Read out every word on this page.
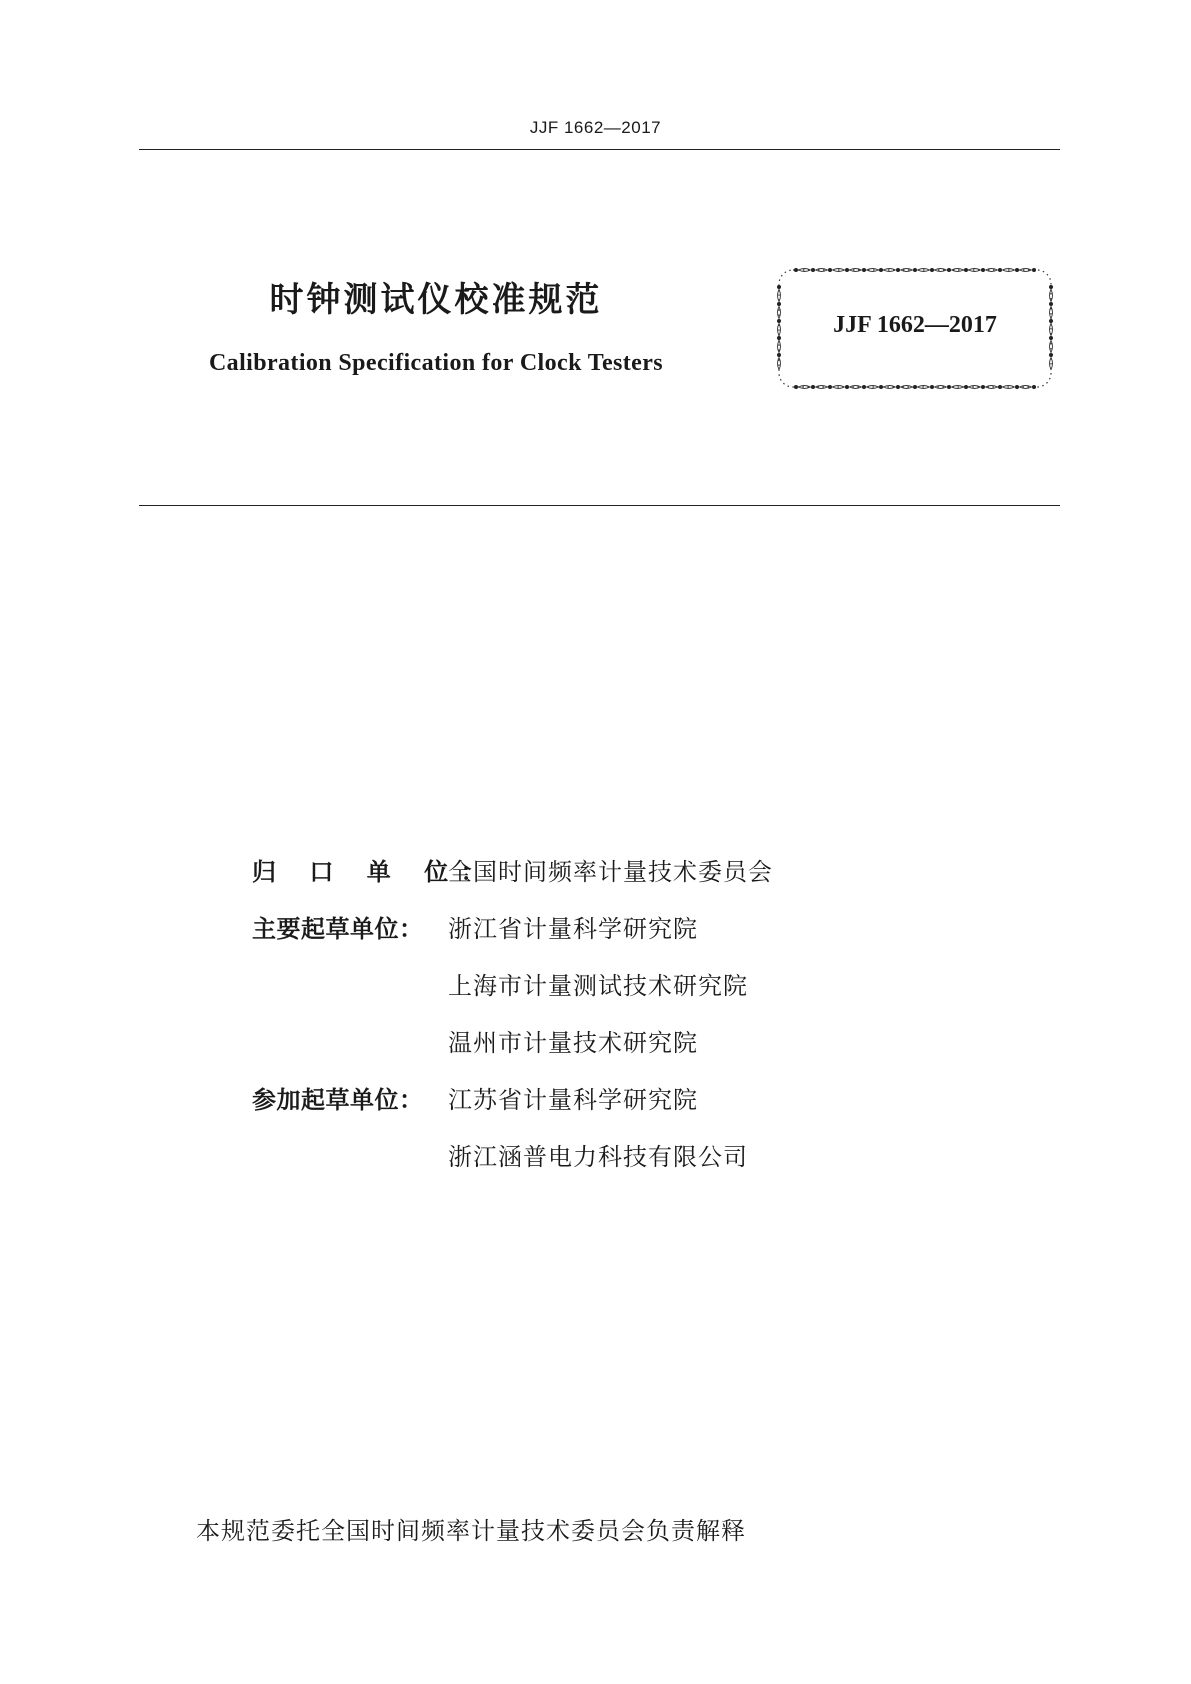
JJF 1662—2017
时钟测试仪校准规范
Calibration Specification for Clock Testers
JJF 1662—2017
归 口 单 位：
全国时间频率计量技术委员会
主要起草单位：	浙江省计量科学研究院
上海市计量测试技术研究院
温州市计量技术研究院
参加起草单位：	江苏省计量科学研究院
浙江涵普电力科技有限公司
本规范委托全国时间频率计量技术委员会负责解释
